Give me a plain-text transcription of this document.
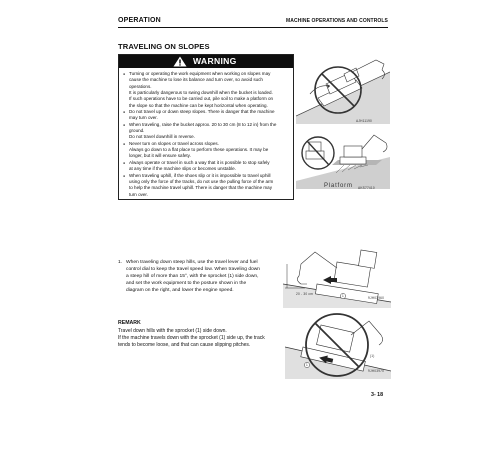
OPERATION	MACHINE OPERATIONS AND CONTROLS
TRAVELING ON SLOPES
WARNING
● Turning or operating the work equipment when working on slopes may
cause the machine to lose its balance and turn over, so avoid such
operations.
It is particularly dangerous to swing downhill when the bucket is loaded.
If such operations have to be carried out, pile soil to make a platform on
the slope so that the machine can be kept horizontal when operating.
● Do not travel up or down steep slopes. There is danger that the machine
may turn over.
● When traveling, raise the bucket approx. 20 to 30 cm (8 to 12 in) from the
ground.
Do not travel downhill in reverse.
● Never turn on slopes or travel across slopes.
Always go down to a flat place to perform these operations. It may be
longer, but it will ensure safety.
● Always operate or travel in such a way that it is possible to stop safely
at any time if the machine slips or becomes unstable.
● When traveling uphill, if the shoes slip or it is impossible to travel uphill
using only the force of the tracks, do not use the pulling force of the arm
to help the machine travel uphill. There is danger that the machine may
turn over.
AJH11190
Platform AKS77410
1. When traveling down steep hills, use the travel lever and fuel
control dial to keep the travel speed low. When traveling down
a steep hill of more than 15°, with the sprocket (1) side down,
and set the work equipment to the posture shown in the
diagram on the right, and lower the engine speed.
20 - 30 cm	1	9JH03960
REMARK
Travel down hills with the sprocket (1) side down.
If the machine travels down with the sprocket (1) side up, the track
tends to become loose, and that can cause slipping pitches.
1
(1)
9JH03970
3- 18
